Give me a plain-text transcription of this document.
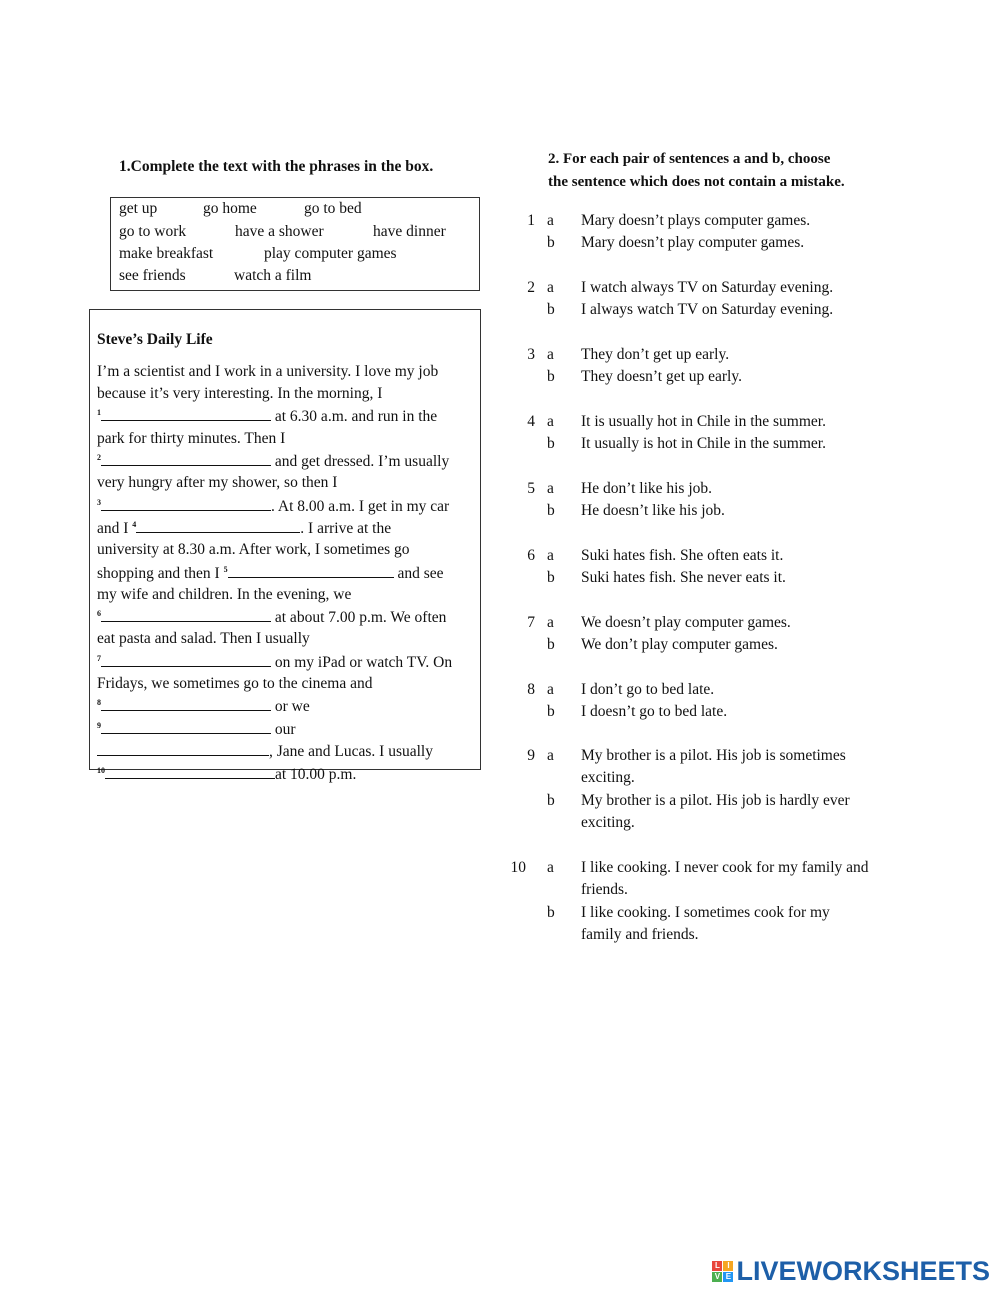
1.Complete the text with the phrases in the box.
get up	go home	go to bed
go to work	have a shower	have dinner
make breakfast	play computer games
see friends	watch a film
Steve’s Daily Life
I’m a scientist and I work in a university. I love my job
because it’s very interesting. In the morning, I
$^1$	at 6.30 a.m. and run in the
park for thirty minutes. Then I
$^2$	and get dressed. I’m usually
very hungry after my shower, so then I
$^3$	. At 8.00 a.m. I get in my car
and I $^4$	. I arrive at the
university at 8.30 a.m. After work, I sometimes go
shopping and then I $^5$	and see
my wife and children. In the evening, we
$^6$	at about 7.00 p.m. We often
eat pasta and salad. Then I usually
$^7$	on my iPad or watch TV. On
Fridays, we sometimes go to the cinema and
$^8$	or we
$^9$	our
, Jane and Lucas. I usually
$^{10}$	at 10.00 p.m.
2. For each pair of sentences a and b, choose
the sentence which does not contain a mistake.
1 a Mary doesn’t plays computer games.
b Mary doesn’t play computer games.
2 a I watch always TV on Saturday evening.
b I always watch TV on Saturday evening.
3 a They don’t get up early.
b They doesn’t get up early.
4 a It is usually hot in Chile in the summer.
b It usually is hot in Chile in the summer.
5 a He don’t like his job.
b He doesn’t like his job.
6 a Suki hates fish. She often eats it.
b Suki hates fish. She never eats it.
7 a We doesn’t play computer games.
b We don’t play computer games.
8 a I don’t go to bed late.
b I doesn’t go to bed late.
9 a My brother is a pilot. His job is sometimes
exciting.
b My brother is a pilot. His job is hardly ever
exciting.
10 a I like cooking. I never cook for my family and
friends.
b I like cooking. I sometimes cook for my
family and friends.
L I
V E LIVEWORKSHEETS
